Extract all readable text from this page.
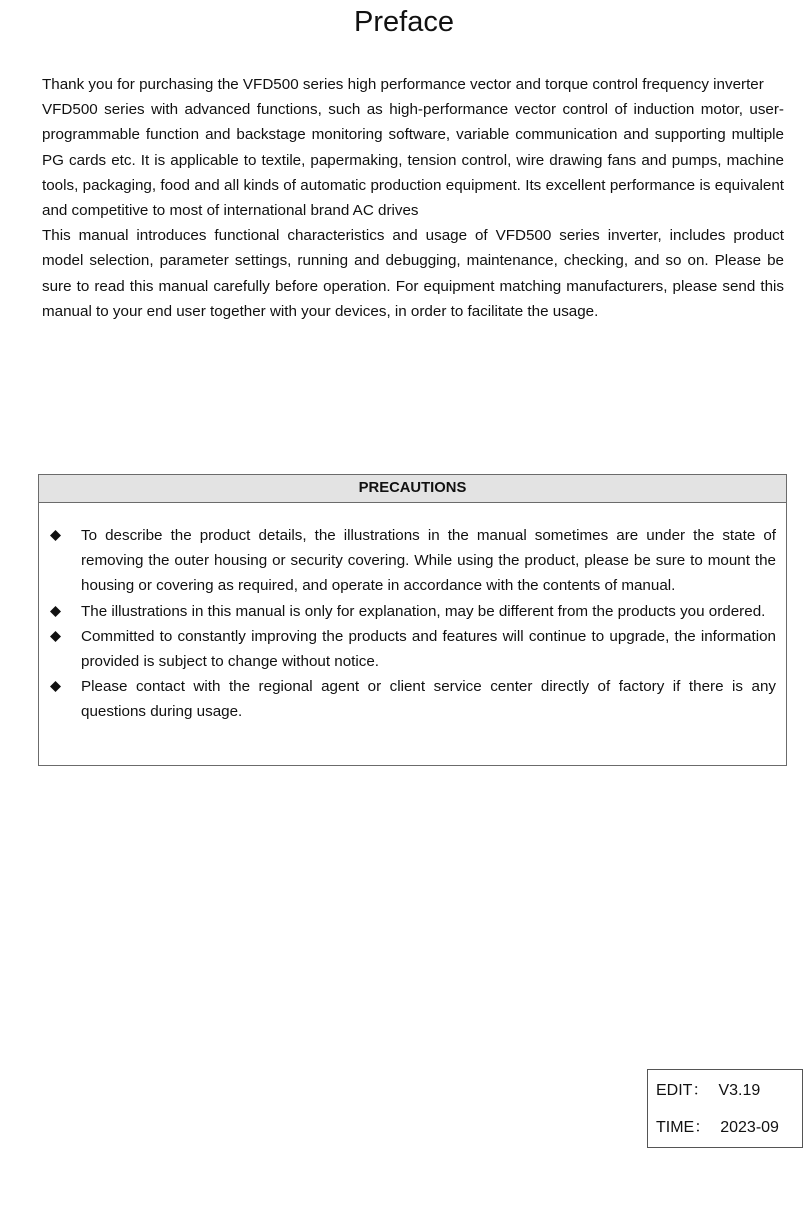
Preface

Thank you for purchasing the VFD500 series high performance vector and torque control frequency inverter

VFD500 series with advanced functions, such as high-performance vector control of induction motor, user-programmable function and backstage monitoring software, variable communication and supporting multiple PG cards etc. It is applicable to textile, papermaking, tension control, wire drawing fans and pumps, machine tools, packaging, food and all kinds of automatic production equipment. Its excellent performance is equivalent and competitive to most of international brand AC drives

This manual introduces functional characteristics and usage of VFD500 series inverter, includes product model selection, parameter settings, running and debugging, maintenance, checking, and so on. Please be sure to read this manual carefully before operation. For equipment matching manufacturers, please send this manual to your end user together with your devices, in order to facilitate the usage.

PRECAUTIONS
To describe the product details, the illustrations in the manual sometimes are under the state of removing the outer housing or security covering. While using the product, please be sure to mount the housing or covering as required, and operate in accordance with the contents of manual.
The illustrations in this manual is only for explanation, may be different from the products you ordered.
Committed to constantly improving the products and features will continue to upgrade, the information provided is subject to change without notice.
Please contact with the regional agent or client service center directly of factory if there is any questions during usage.
EDIT： V3.19
TIME： 2023-09
